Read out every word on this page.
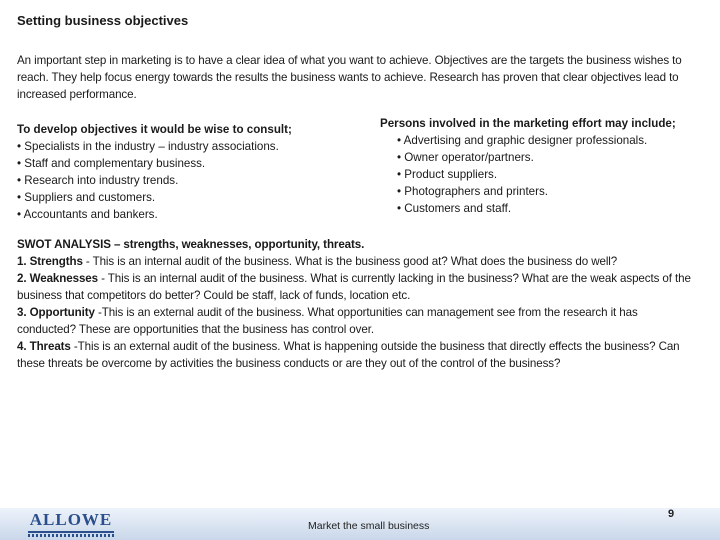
Setting business objectives
An important step in marketing is to have a clear idea of what you want to achieve. Objectives are the targets the business wishes to reach. They help focus energy towards the results the business wants to achieve. Research has proven that clear objectives lead to increased performance.
To develop objectives it would be wise to consult;
• Specialists in the industry – industry associations.
• Staff and complementary business.
• Research into industry trends.
• Suppliers and customers.
• Accountants and bankers.
Persons involved in the marketing effort may include;
• Advertising and graphic designer professionals.
• Owner operator/partners.
• Product suppliers.
• Photographers and printers.
• Customers and staff.

SWOT ANALYSIS – strengths, weaknesses, opportunity, threats.

1. Strengths - This is an internal audit of the business. What is the business good at? What does the business do well?

2. Weaknesses - This is an internal audit of the business. What is currently lacking in the business? What are the weak aspects of the business that competitors do better? Could be staff, lack of funds, location etc.

3. Opportunity -This is an external audit of the business. What opportunities can management see from the research it has conducted? These are opportunities that the business has control over.

4. Threats -This is an external audit of the business. What is happening outside the business that directly effects the business? Can these threats be overcome by activities the business conducts or are they out of the control of the business?

ALLOWE	Market the small business
9
